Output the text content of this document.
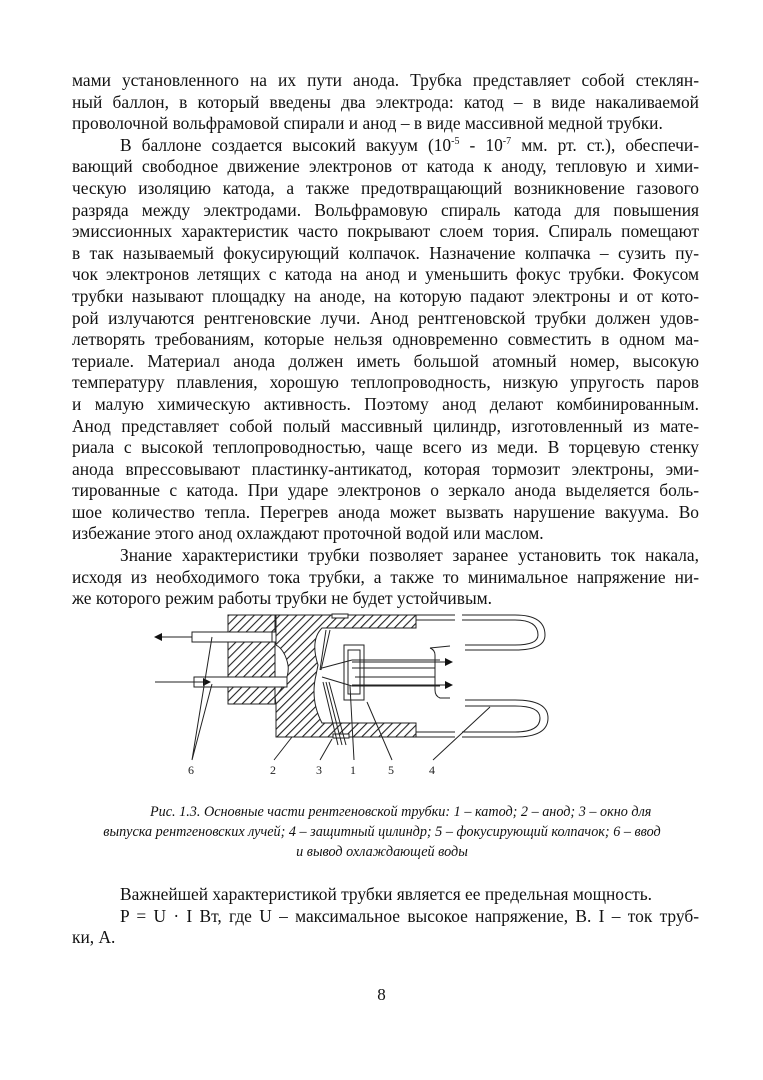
мами установленного на их пути анода. Трубка представляет собой стеклян-
ный баллон, в который введены два электрода: катод – в виде накаливаемой
проволочной вольфрамовой спирали и анод – в виде массивной медной трубки.
В баллоне создается высокий вакуум ($10^{-5} - 10^{-7}$ мм. рт. ст.), обеспечи-
вающий свободное движение электронов от катода к аноду, тепловую и хими-
ческую изоляцию катода, а также предотвращающий возникновение газового
разряда между электродами. Вольфрамовую спираль катода для повышения
эмиссионных характеристик часто покрывают слоем тория. Спираль помещают
в так называемый фокусирующий колпачок. Назначение колпачка – сузить пу-
чок электронов летящих с катода на анод и уменьшить фокус трубки. Фокусом
трубки называют площадку на аноде, на которую падают электроны и от кото-
рой излучаются рентгеновские лучи. Анод рентгеновской трубки должен удов-
летворять требованиям, которые нельзя одновременно совместить в одном ма-
териале. Материал анода должен иметь большой атомный номер, высокую
температуру плавления, хорошую теплопроводность, низкую упругость паров
и малую химическую активность. Поэтому анод делают комбинированным.
Анод представляет собой полый массивный цилиндр, изготовленный из мате-
риала с высокой теплопроводностью, чаще всего из меди. В торцевую стенку
анода впрессовывают пластинку-антикатод, которая тормозит электроны, эми-
тированные с катода. При ударе электронов о зеркало анода выделяется боль-
шое количество тепла. Перегрев анода может вызвать нарушение вакуума. Во
избежание этого анод охлаждают проточной водой или маслом.
Знание характеристики трубки позволяет заранее установить ток накала,
исходя из необходимого тока трубки, а также то минимальное напряжение ни-
же которого режим работы трубки не будет устойчивым.
6	2	3 1	5	4
Рис. 1.3. Основные части рентгеновской трубки: 1 – катод; 2 – анод; 3 – окно для
выпуска рентгеновских лучей; 4 – защитный цилиндр; 5 – фокусирующий колпачок; 6 – ввод
и вывод охлаждающей воды
Важнейшей характеристикой трубки является ее предельная мощность.
P = U · I Вт, где U – максимальное высокое напряжение, В. I – ток труб-
ки, А.
8
